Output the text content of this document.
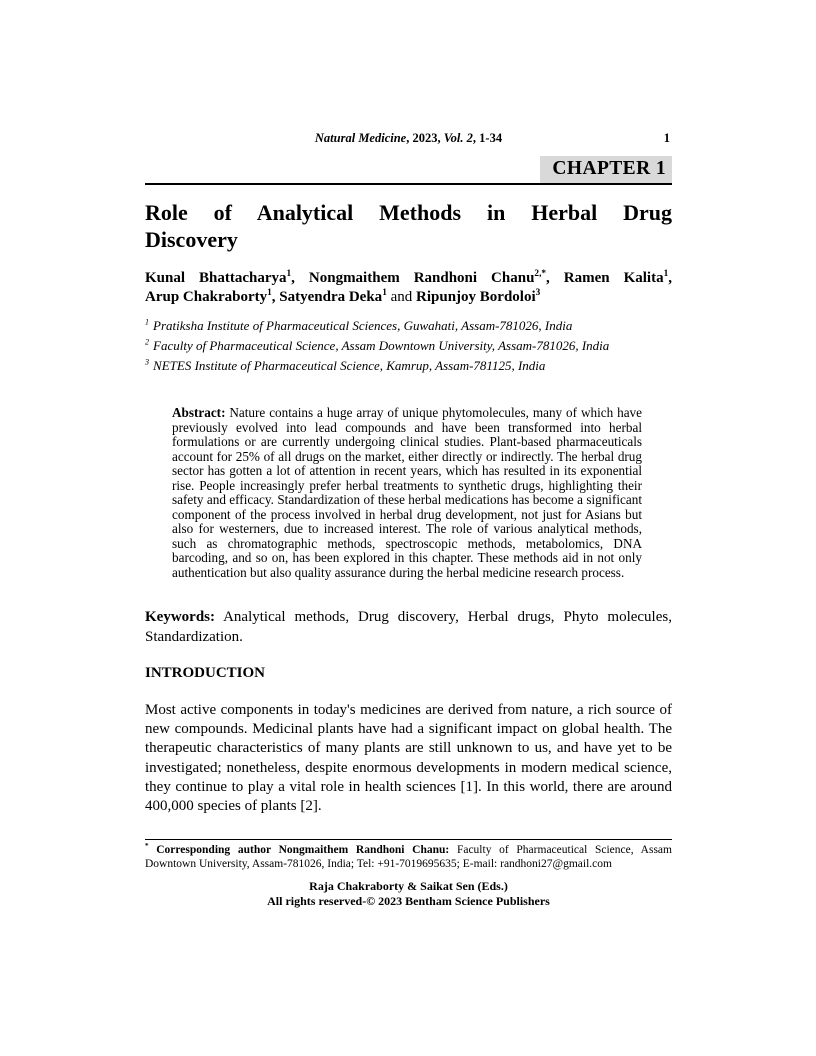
Natural Medicine, 2023, Vol. 2, 1-34	1
CHAPTER 1
Role of Analytical Methods in Herbal Drug
Discovery
Kunal Bhattacharya$^1$, Nongmaithem Randhoni Chanu$^{2,*}$, Ramen Kalita$^1$,
Arup Chakraborty$^1$, Satyendra Deka$^1$ and Ripunjoy Bordoloi$^3$

$^1$ Pratiksha Institute of Pharmaceutical Sciences, Guwahati, Assam-781026, India

$^2$ Faculty of Pharmaceutical Science, Assam Downtown University, Assam-781026, India

$^3$ NETES Institute of Pharmaceutical Science, Kamrup, Assam-781125, India

Abstract: Nature contains a huge array of unique phytomolecules, many of which have previously evolved into lead compounds and have been transformed into herbal formulations or are currently undergoing clinical studies. Plant-based pharmaceuticals account for 25% of all drugs on the market, either directly or indirectly. The herbal drug sector has gotten a lot of attention in recent years, which has resulted in its exponential rise. People increasingly prefer herbal treatments to synthetic drugs, highlighting their safety and efficacy. Standardization of these herbal medications has become a significant component of the process involved in herbal drug development, not just for Asians but also for westerners, due to increased interest. The role of various analytical methods, such as chromatographic methods, spectroscopic methods, metabolomics, DNA barcoding, and so on, has been explored in this chapter. These methods aid in not only authentication but also quality assurance during the herbal medicine research process.

Keywords: Analytical methods, Drug discovery, Herbal drugs, Phyto molecules, Standardization.

INTRODUCTION

Most active components in today's medicines are derived from nature, a rich source of new compounds. Medicinal plants have had a significant impact on global health. The therapeutic characteristics of many plants are still unknown to us, and have yet to be investigated; nonetheless, despite enormous developments in modern medical science, they continue to play a vital role in health sciences [1]. In this world, there are around 400,000 species of plants [2].

* Corresponding author Nongmaithem Randhoni Chanu: Faculty of Pharmaceutical Science, Assam Downtown University, Assam-781026, India; Tel: +91-7019695635; E-mail: randhoni27@gmail.com

Raja Chakraborty & Saikat Sen (Eds.)
All rights reserved-© 2023 Bentham Science Publishers
